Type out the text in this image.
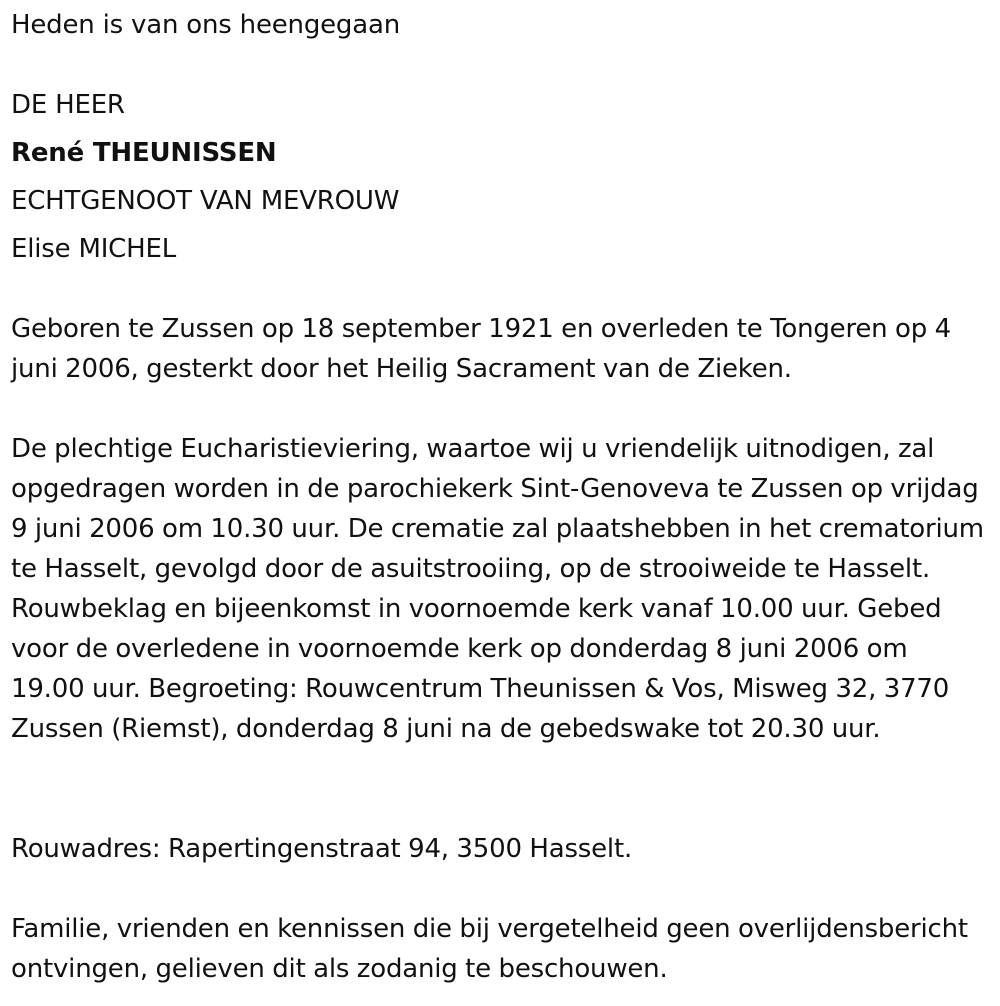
Heden is van ons heengegaan
DE HEER
René THEUNISSEN
ECHTGENOOT VAN MEVROUW
Elise MICHEL
Geboren te Zussen op 18 september 1921 en overleden te Tongeren op 4 juni 2006, gesterkt door het Heilig Sacrament van de Zieken.
De plechtige Eucharistieviering, waartoe wij u vriendelijk uitnodigen, zal opgedragen worden in de parochiekerk Sint-Genoveva te Zussen op vrijdag 9 juni 2006 om 10.30 uur. De crematie zal plaatshebben in het crematorium te Hasselt, gevolgd door de asuitstrooiing, op de strooiweide te Hasselt. Rouwbeklag en bijeenkomst in voornoemde kerk vanaf 10.00 uur. Gebed voor de overledene in voornoemde kerk op donderdag 8 juni 2006 om 19.00 uur. Begroeting: Rouwcentrum Theunissen & Vos, Misweg 32, 3770 Zussen (Riemst), donderdag 8 juni na de gebedswake tot 20.30 uur.
Rouwadres: Rapertingenstraat 94, 3500 Hasselt.
Familie, vrienden en kennissen die bij vergetelheid geen overlijdensbericht ontvingen, gelieven dit als zodanig te beschouwen.
